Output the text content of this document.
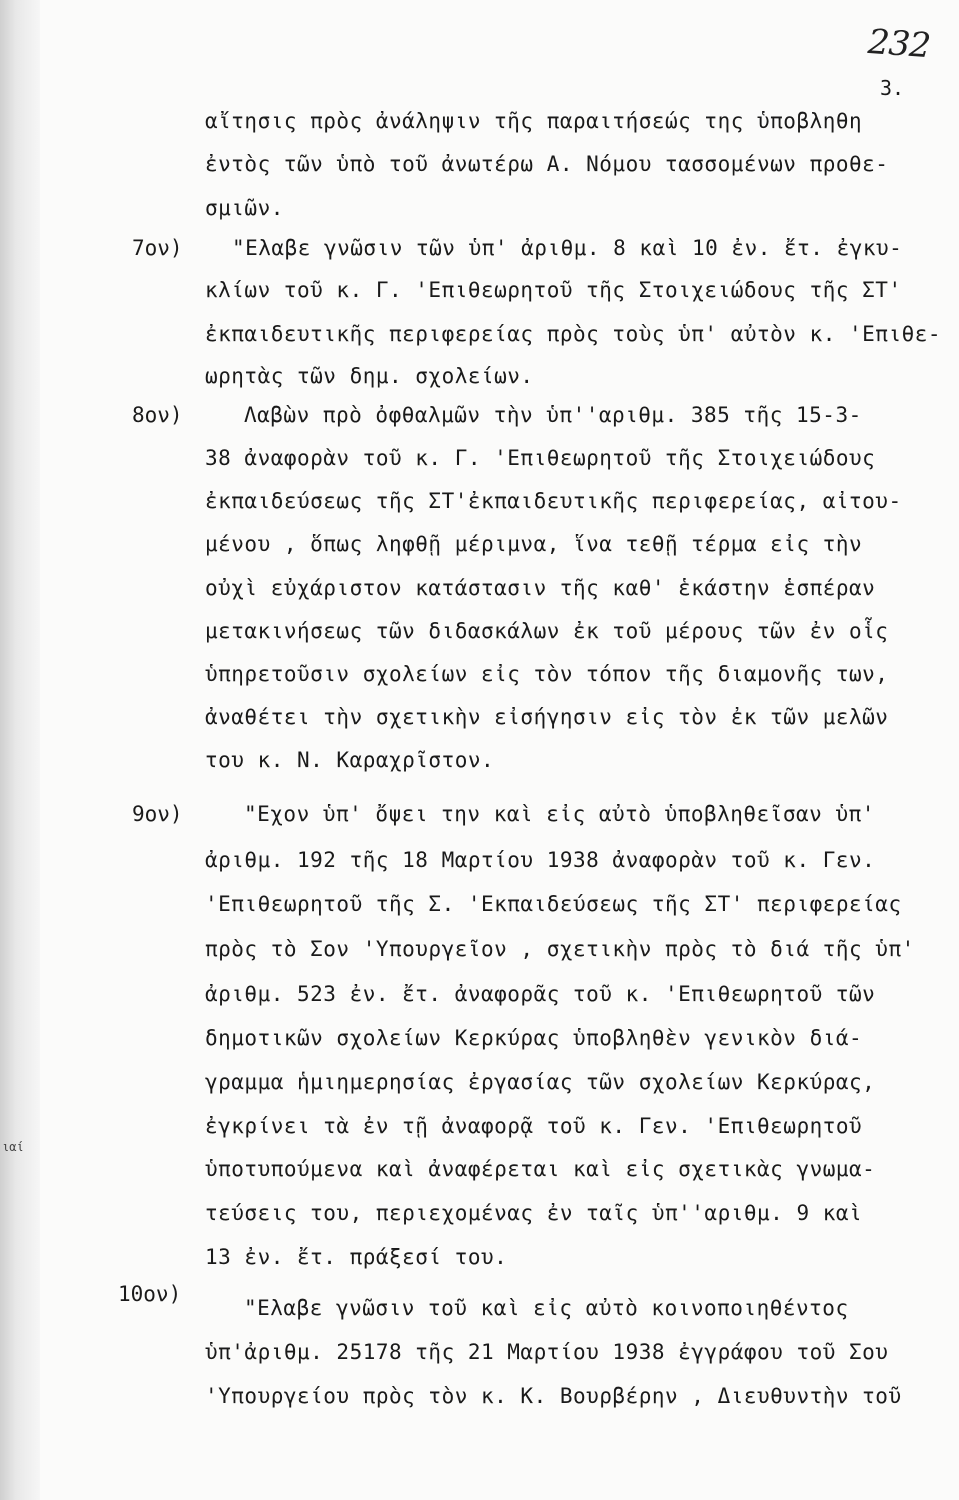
232
3.
ιαί
7ον)
8ον)
9ον)
10ον)
αἴτησις πρὸς ἀνάληψιν τῆς παραιτήσεώς της ὑποβληθη
ἐντὸς τῶν ὑπὸ τοῦ ἀνωτέρω Α. Νόμου τασσομένων προθε-
σμιῶν.
"Ελαβε γνῶσιν τῶν ὑπ' ἀριθμ. 8 καὶ 10 ἐν. ἔτ. ἐγκυ-
κλίων τοῦ κ. Γ. 'Επιθεωρητοῦ τῆς Στοιχειώδους τῆς ΣΤ'
ἐκπαιδευτικῆς περιφερείας πρὸς τοὺς ὑπ' αὐτὸν κ. 'Επιθε-
ωρητὰς τῶν δημ. σχολείων.
Λαβὼν πρὸ ὀφθαλμῶν τὴν ὑπ''αριθμ. 385 τῆς 15-3-
38 ἀναφορὰν τοῦ κ. Γ. 'Επιθεωρητοῦ τῆς Στοιχειώδους
ἐκπαιδεύσεως τῆς ΣΤ'ἐκπαιδευτικῆς περιφερείας, αἰτου-
μένου , ὅπως ληφθῇ μέριμνα, ἵνα τεθῇ τέρμα εἰς τὴν
οὐχὶ εὐχάριστον κατάστασιν τῆς καθ' ἑκάστην ἑσπέραν
μετακινήσεως τῶν διδασκάλων ἐκ τοῦ μέρους τῶν ἐν οἷς
ὑπηρετοῦσιν σχολείων εἰς τὸν τόπον τῆς διαμονῆς των,
ἀναθέτει τὴν σχετικὴν εἰσήγησιν εἰς τὸν ἐκ τῶν μελῶν
του κ. Ν. Καραχρῖστον.
"Εχον ὑπ' ὄψει την καὶ εἰς αὐτὸ ὑποβληθεῖσαν ὑπ'
ἀριθμ. 192 τῆς 18 Μαρτίου 1938 ἀναφορὰν τοῦ κ. Γεν.
'Επιθεωρητοῦ τῆς Σ. 'Εκπαιδεύσεως τῆς ΣΤ' περιφερείας
πρὸς τὸ Σον 'Υπουργεῖον , σχετικὴν πρὸς τὸ διά τῆς ὑπ'
ἀριθμ. 523 ἐν. ἔτ. ἀναφορᾶς τοῦ κ. 'Επιθεωρητοῦ τῶν
δημοτικῶν σχολείων Κερκύρας ὑποβληθὲν γενικὸν διά-
γραμμα ἡμιημερησίας ἐργασίας τῶν σχολείων Κερκύρας,
ἐγκρίνει τὰ ἐν τῇ ἀναφορᾷ τοῦ κ. Γεν. 'Επιθεωρητοῦ
ὑποτυπούμενα καὶ ἀναφέρεται καὶ εἰς σχετικὰς γνωμα-
τεύσεις του, περιεχομένας ἐν ταῖς ὑπ''αριθμ. 9 καὶ
13 ἐν. ἔτ. πράξεσί του.
"Ελαβε γνῶσιν τοῦ καὶ εἰς αὐτὸ κοινοποιηθέντος
ὑπ'ἀριθμ. 25178 τῆς 21 Μαρτίου 1938 ἐγγράφου τοῦ Σου
'Υπουργείου πρὸς τὸν κ. Κ. Βουρβέρην , Διευθυντὴν τοῦ
